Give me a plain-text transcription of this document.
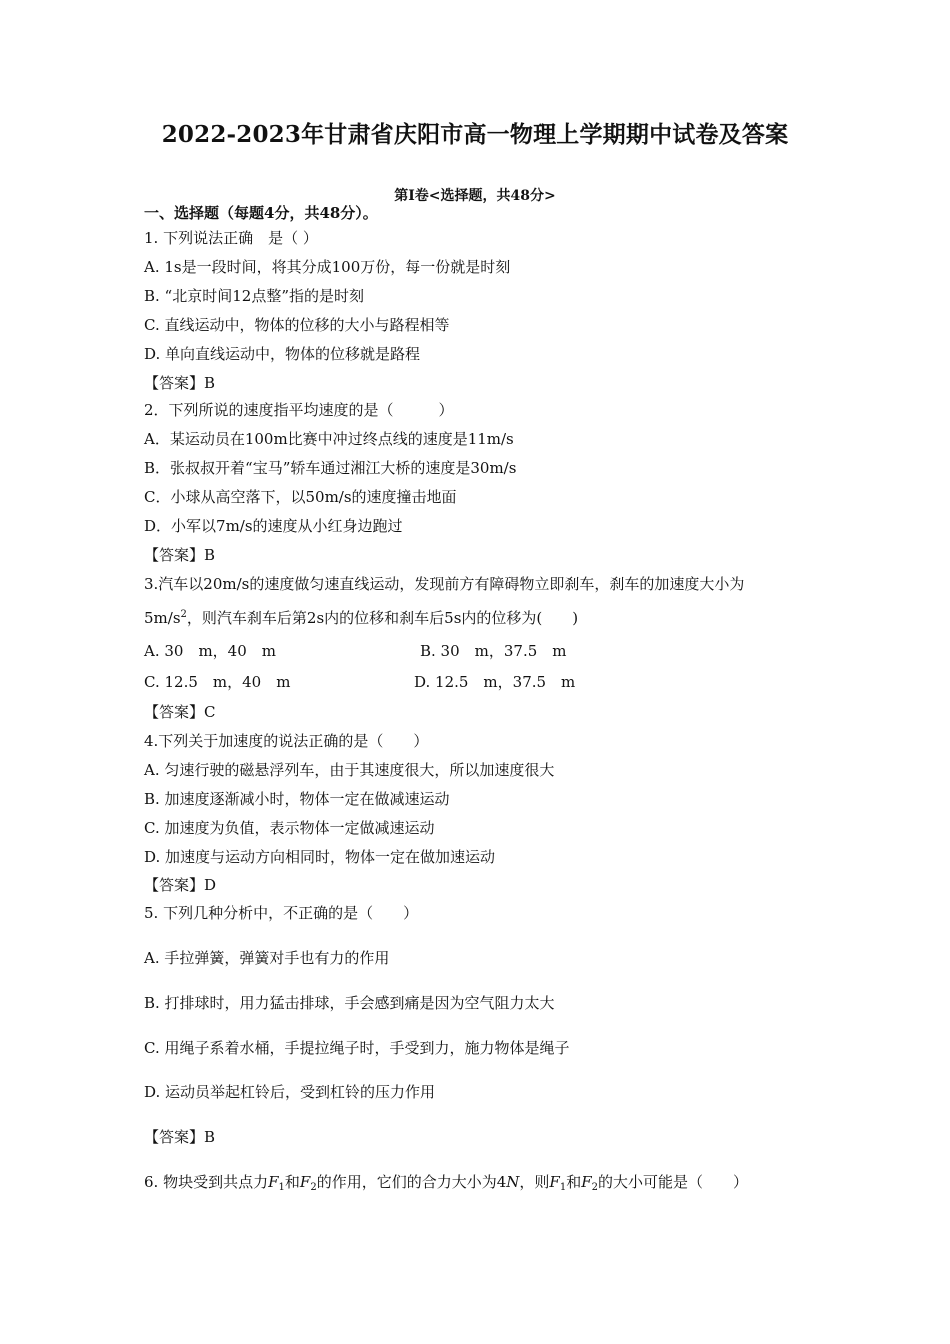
2022-2023年甘肃省庆阳市高一物理上学期期中试卷及答案
第Ⅰ卷<选择题，共48分>
一、选择题（每题4分，共48分）。
1. 下列说法正确　是（ ）
A. 1s是一段时间，将其分成100万份，每一份就是时刻
B. “北京时间12点整”指的是时刻
C. 直线运动中，物体的位移的大小与路程相等
D. 单向直线运动中，物体的位移就是路程
【答案】B
2．下列所说的速度指平均速度的是（　　　）
A．某运动员在100m比赛中冲过终点线的速度是11m/s
B．张叔叔开着“宝马”轿车通过湘江大桥的速度是30m/s
C．小球从高空落下，以50m/s的速度撞击地面
D．小军以7m/s的速度从小红身边跑过
【答案】B
3.汽车以20m/s的速度做匀速直线运动，发现前方有障碍物立即刹车，刹车的加速度大小为
$5m/s^2$，则汽车刹车后第2s内的位移和刹车后5s内的位移为(　　)
A. 30　m，40　m	B. 30　m，37.5　m
C. 12.5　m，40　m	D. 12.5　m，37.5　m
【答案】C
4.下列关于加速度的说法正确的是（　　）
A. 匀速行驶的磁悬浮列车，由于其速度很大，所以加速度很大
B. 加速度逐渐减小时，物体一定在做减速运动
C. 加速度为负值，表示物体一定做减速运动
D. 加速度与运动方向相同时，物体一定在做加速运动
【答案】D
5. 下列几种分析中，不正确的是（　　）
A. 手拉弹簧，弹簧对手也有力的作用
B. 打排球时，用力猛击排球，手会感到痛是因为空气阻力太大
C. 用绳子系着水桶，手提拉绳子时，手受到力，施力物体是绳子
D. 运动员举起杠铃后，受到杠铃的压力作用
【答案】B
6. 物块受到共点力$F_1$和$F_2$的作用，它们的合力大小为4N，则$F_1$和$F_2$的大小可能是（　　）
